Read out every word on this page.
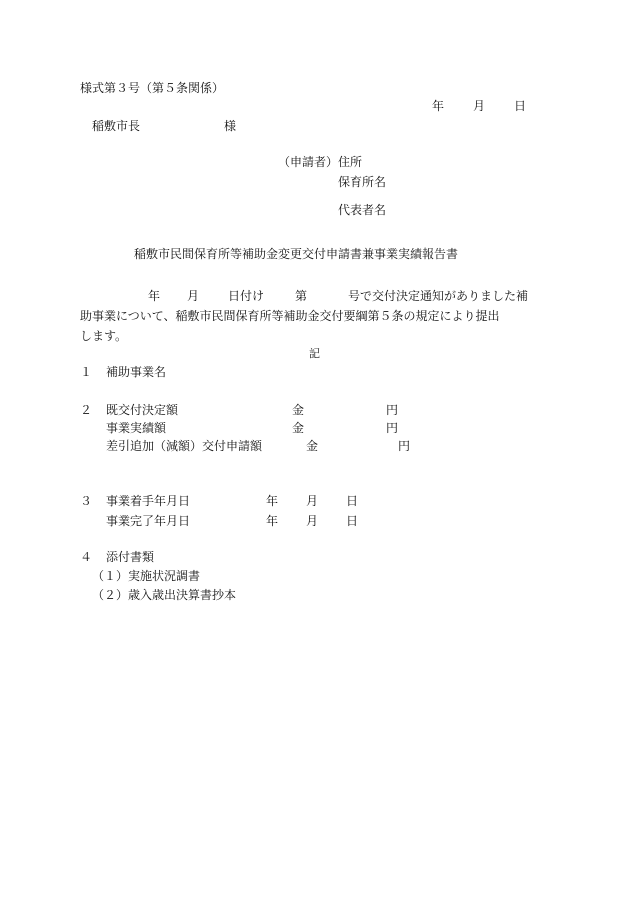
様式第３号（第５条関係）
年 月 日
稲敷市長	様
（申請者） 住所
保育所名
代表者名
稲敷市民間保育所等補助金変更交付申請書兼事業実績報告書
年 月 日付け	第	号で交付決定通知がありました補
助事業について、稲敷市民間保育所等補助金交付要綱第５条の規定により提出
します。
記
１ 補助事業名
２ 既交付決定額	金	円
事業実績額	金	円
差引追加（減額）交付申請額	金	円
３ 事業着手年月日	年 月 日
事業完了年月日	年 月 日
４ 添付書類
（１）実施状況調書
（２）歳入歳出決算書抄本
